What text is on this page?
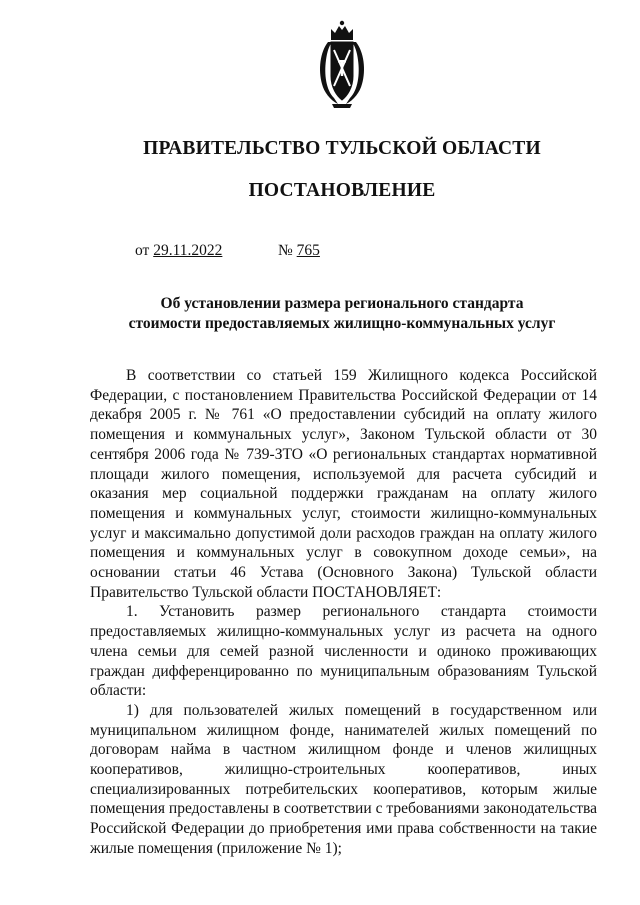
ПРАВИТЕЛЬСТВО ТУЛЬСКОЙ ОБЛАСТИ
ПОСТАНОВЛЕНИЕ
от 29.11.2022	№ 765
Об установлении размера регионального стандарта
стоимости предоставляемых жилищно-коммунальных услуг

В соответствии со статьей 159 Жилищного кодекса Российской Федерации, с постановлением Правительства Российской Федерации от 14 декабря 2005 г. № 761 «О предоставлении субсидий на оплату жилого помещения и коммунальных услуг», Законом Тульской области от 30 сентября 2006 года № 739-ЗТО «О региональных стандартах нормативной площади жилого помещения, используемой для расчета субсидий и оказания мер социальной поддержки гражданам на оплату жилого помещения и коммунальных услуг, стоимости жилищно-коммунальных услуг и максимально допустимой доли расходов граждан на оплату жилого помещения и коммунальных услуг в совокупном доходе семьи», на основании статьи 46 Устава (Основного Закона) Тульской области Правительство Тульской области ПОСТАНОВЛЯЕТ:

1. Установить размер регионального стандарта стоимости предоставляемых жилищно-коммунальных услуг из расчета на одного члена семьи для семей разной численности и одиноко проживающих граждан дифференцированно по муниципальным образованиям Тульской области:

1) для пользователей жилых помещений в государственном или муниципальном жилищном фонде, нанимателей жилых помещений по договорам найма в частном жилищном фонде и членов жилищных кооперативов, жилищно-строительных кооперативов, иных специализированных потребительских кооперативов, которым жилые помещения предоставлены в соответствии с требованиями законодательства Российской Федерации до приобретения ими права собственности на такие жилые помещения (приложение № 1);
